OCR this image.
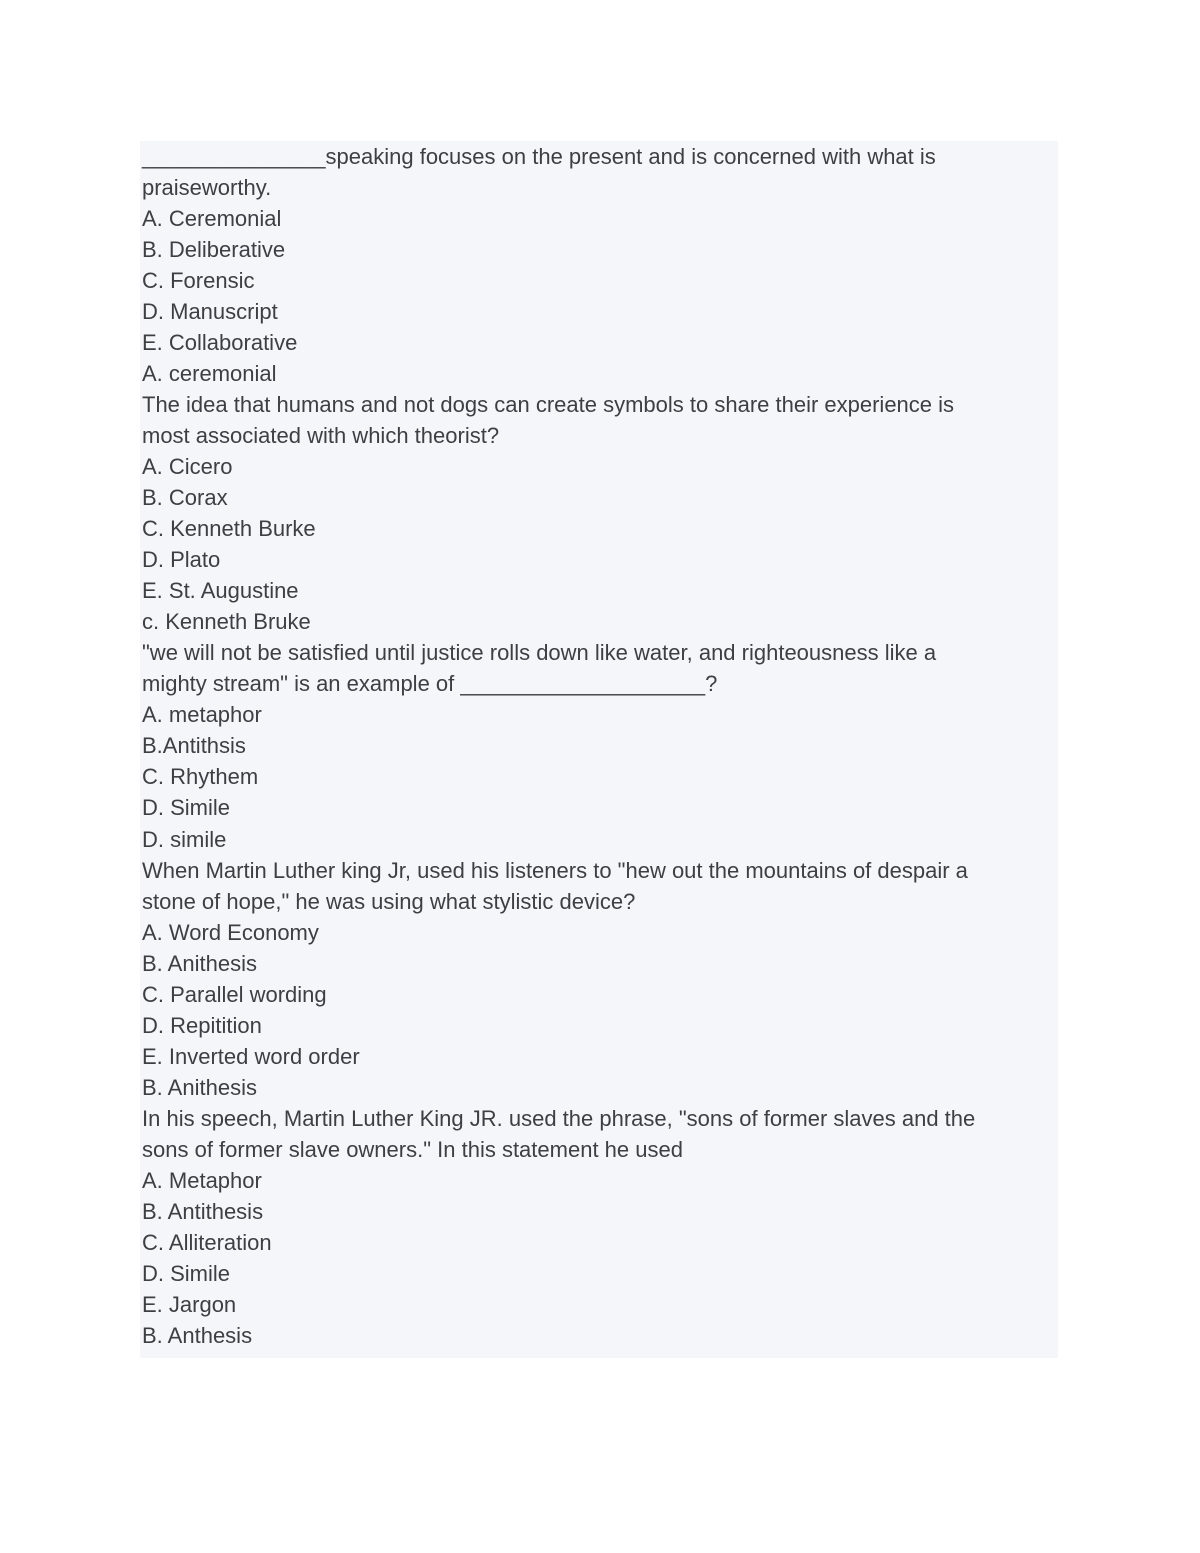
_______________speaking focuses on the present and is concerned with what is
praiseworthy.
A. Ceremonial
B. Deliberative
C. Forensic
D. Manuscript
E. Collaborative
A. ceremonial
The idea that humans and not dogs can create symbols to share their experience is
most associated with which theorist?
A. Cicero
B. Corax
C. Kenneth Burke
D. Plato
E. St. Augustine
c. Kenneth Bruke
"we will not be satisfied until justice rolls down like water, and righteousness like a
mighty stream" is an example of ____________________?
A. metaphor
B.Antithsis
C. Rhythem
D. Simile
D. simile
When Martin Luther king Jr, used his listeners to "hew out the mountains of despair a
stone of hope," he was using what stylistic device?
A. Word Economy
B. Anithesis
C. Parallel wording
D. Repitition
E. Inverted word order
B. Anithesis
In his speech, Martin Luther King JR. used the phrase, "sons of former slaves and the
sons of former slave owners." In this statement he used
A. Metaphor
B. Antithesis
C. Alliteration
D. Simile
E. Jargon
B. Anthesis
